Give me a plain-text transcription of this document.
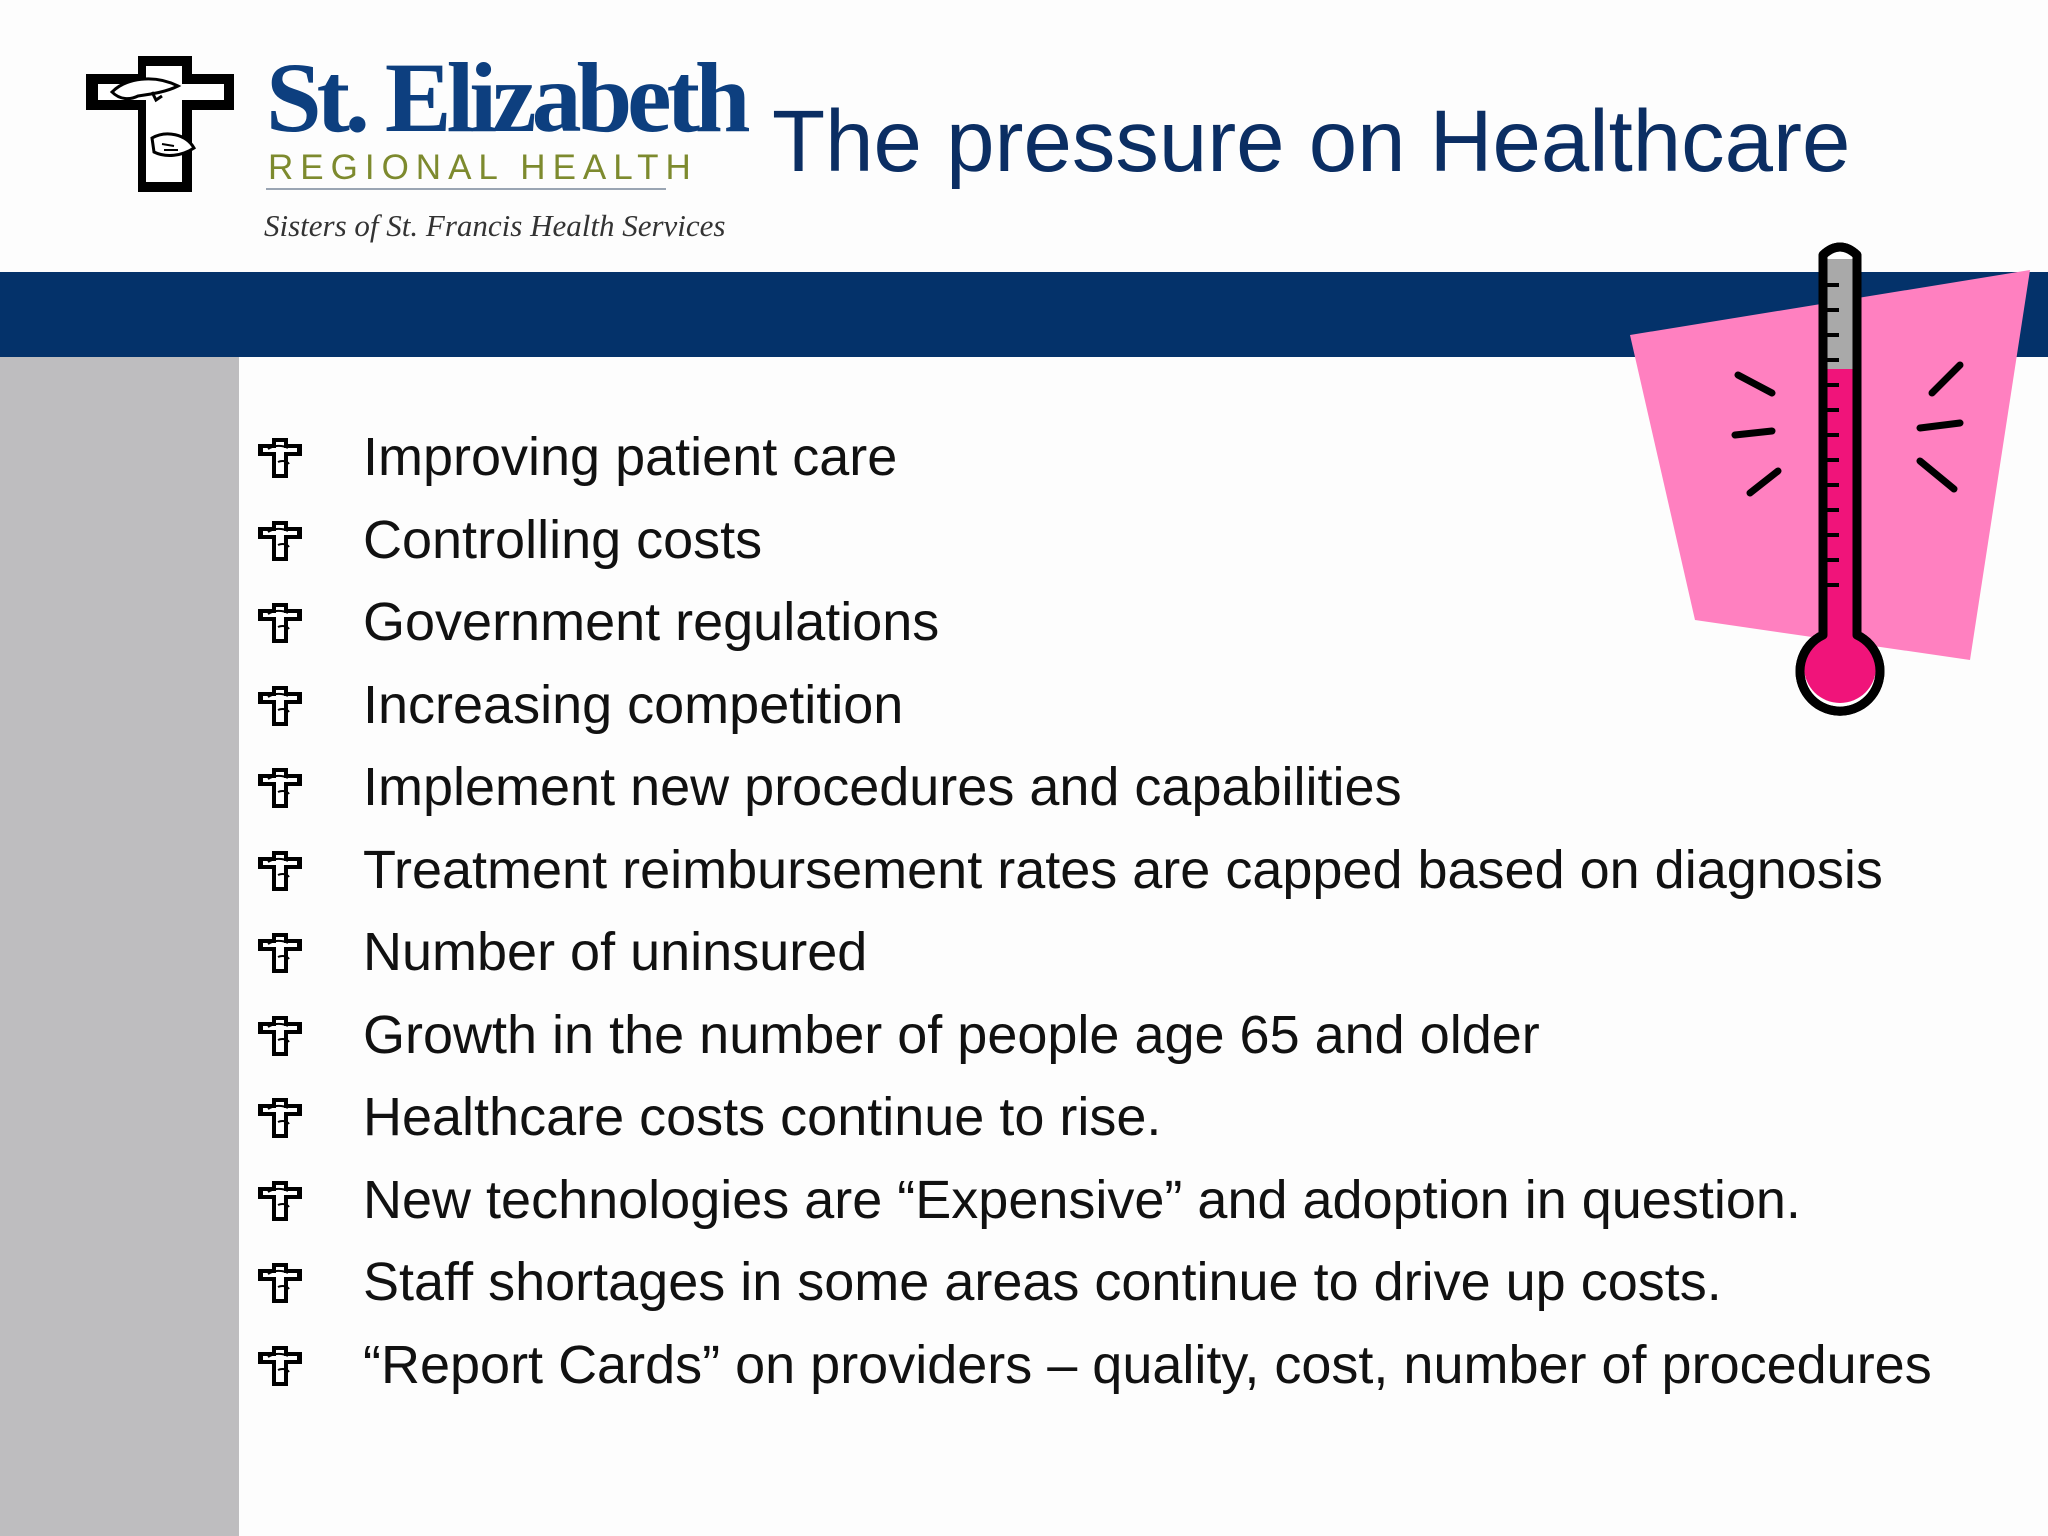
St. Elizabeth
REGIONAL HEALTH
Sisters of St. Francis Health Services
The pressure on Healthcare
Improving patient care
Controlling costs
Government regulations
Increasing competition
Implement new procedures and capabilities
Treatment reimbursement rates are capped based on diagnosis
Number of uninsured
Growth in the number of people age 65 and older
Healthcare costs continue to rise.
New technologies are “Expensive” and adoption in question.
Staff shortages in some areas continue to drive up costs.
“Report Cards” on providers – quality, cost, number of procedures
